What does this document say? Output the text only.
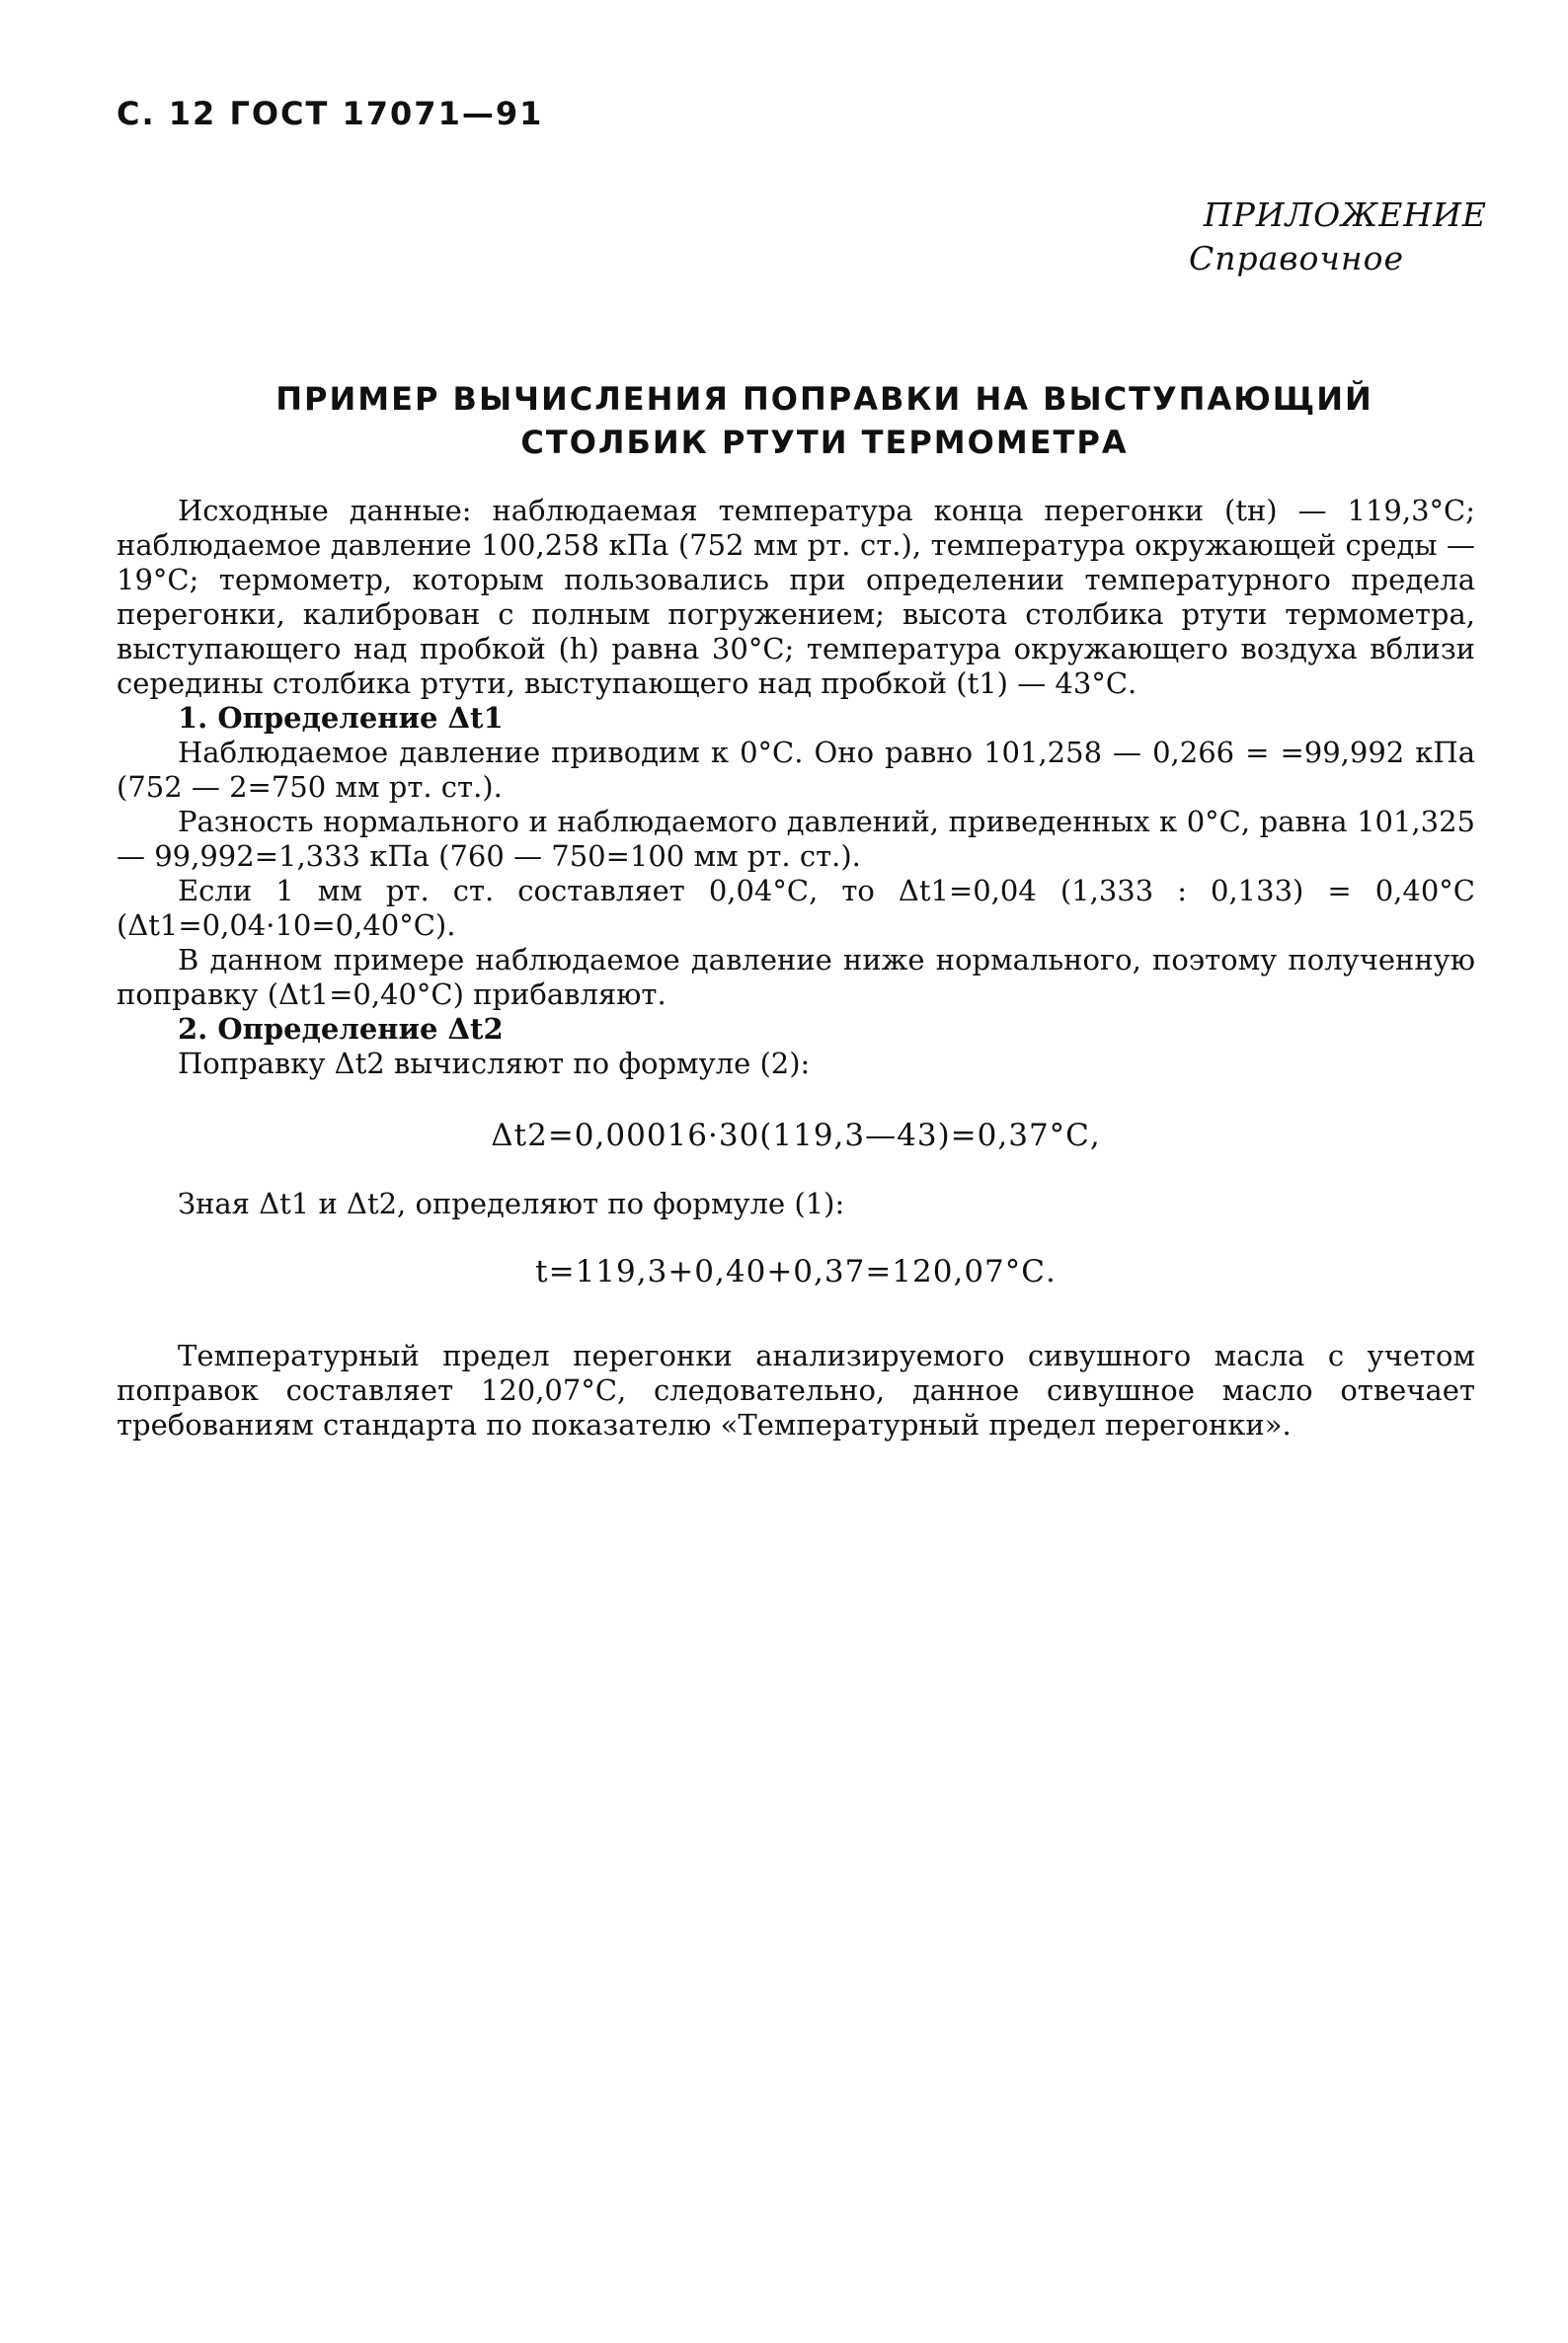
С. 12 ГОСТ 17071—91
ПРИЛОЖЕНИЕ
Справочное
ПРИМЕР ВЫЧИСЛЕНИЯ ПОПРАВКИ НА ВЫСТУПАЮЩИЙ
СТОЛБИК РТУТИ ТЕРМОМЕТРА

Исходные данные: наблюдаемая температура конца перегонки (tн) — 119,3°С; наблюдаемое давление 100,258 кПа (752 мм рт. ст.), температура окружающей среды — 19°С; термометр, которым пользовались при определении температурного предела перегонки, калиброван с полным погружением; высота столбика ртути термометра, выступающего над пробкой (h) равна 30°С; температура окружающего воздуха вблизи середины столбика ртути, выступающего над пробкой (t1) — 43°С.

1. Определение Δt1

Наблюдаемое давление приводим к 0°С. Оно равно 101,258 — 0,266 = =99,992 кПа (752 — 2=750 мм рт. ст.).

Разность нормального и наблюдаемого давлений, приведенных к 0°С, равна 101,325 — 99,992=1,333 кПа (760 — 750=100 мм рт. ст.).

Если 1 мм рт. ст. составляет 0,04°С, то Δt1=0,04 (1,333 : 0,133) = 0,40°С (Δt1=0,04·10=0,40°С).

В данном примере наблюдаемое давление ниже нормального, поэтому полученную поправку (Δt1=0,40°С) прибавляют.

2. Определение Δt2

Поправку Δt2 вычисляют по формуле (2):

Δt2=0,00016·30(119,3—43)=0,37°С,

Зная Δt1 и Δt2, определяют по формуле (1):

t=119,3+0,40+0,37=120,07°С.

Температурный предел перегонки анализируемого сивушного масла с учетом поправок составляет 120,07°С, следовательно, данное сивушное масло отвечает требованиям стандарта по показателю «Температурный предел перегонки».
